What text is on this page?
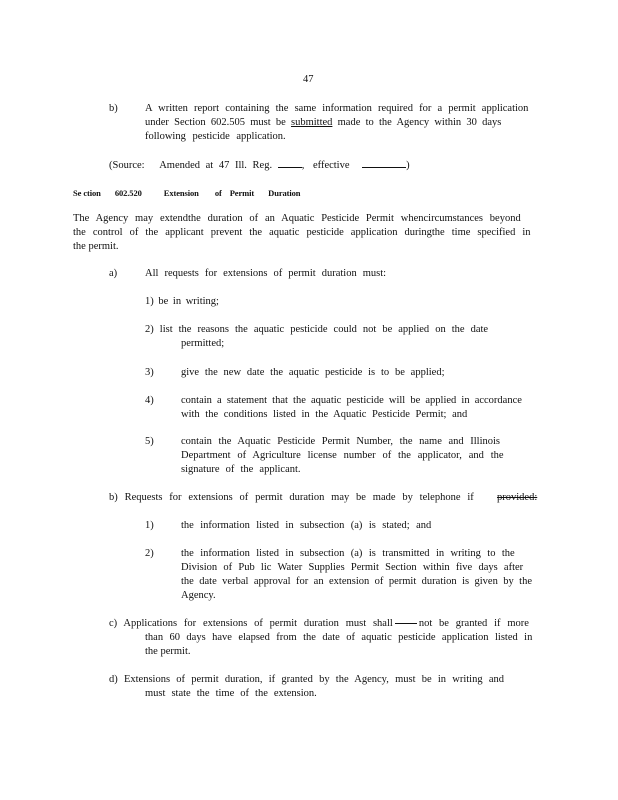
47
b)	A written report containing the same information required for a permit application
under Section 602.505 must be submitted made to the Agency within 30 days
following pesticide application.
(Source: Amended at 47 Ill. Reg.	, effective	)
Se ction 602.520	Extension of Permit Duration
The Agency may extendthe duration of an Aquatic Pesticide Permit whencircumstances beyond
the control of the applicant prevent the aquatic pesticide application duringthe time specified in
the permit.
a)	All requests for extensions of permit duration must:
1) be in writing;
2) list the reasons the aquatic pesticide could not be applied on the date
permitted;
3)	give the new date the aquatic pesticide is to be applied;
4)	contain a statement that the aquatic pesticide will be applied in accordance
with the conditions listed in the Aquatic Pesticide Permit; and
5)	contain the Aquatic Pesticide Permit Number, the name and Illinois
Department of Agriculture license number of the applicator, and the
signature of the applicant.
b) Requests for extensions of permit duration may be made by telephone if provided:
1)	the information listed in subsection (a) is stated; and
2)	the information listed in subsection (a) is transmitted in writing to the
Division of Pub lic Water Supplies Permit Section within five days after
the date verbal approval for an extension of permit duration is given by the
Agency.
c) Applications for extensions of permit duration must shall not be granted if more
than 60 days have elapsed from the date of aquatic pesticide application listed in
the permit.
d) Extensions of permit duration, if granted by the Agency, must be in writing and
must state the time of the extension.
